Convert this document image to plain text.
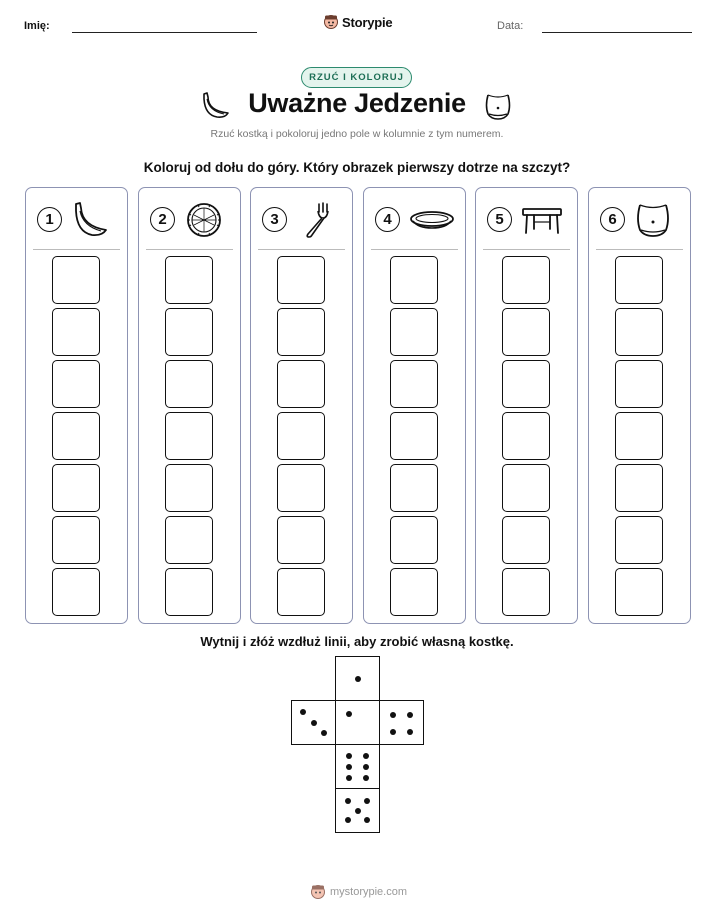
Imię:	Storypie	Data:
RZUĆ I KOLORUJ
Uważne Jedzenie
Rzuć kostką i pokoloruj jedno pole w kolumnie z tym numerem.
Koloruj od dołu do góry. Który obrazek pierwszy dotrze na szczyt?
1	2	3	4	5	6
Wytnij i złóż wzdłuż linii, aby zrobić własną kostkę.
mystorypie.com
